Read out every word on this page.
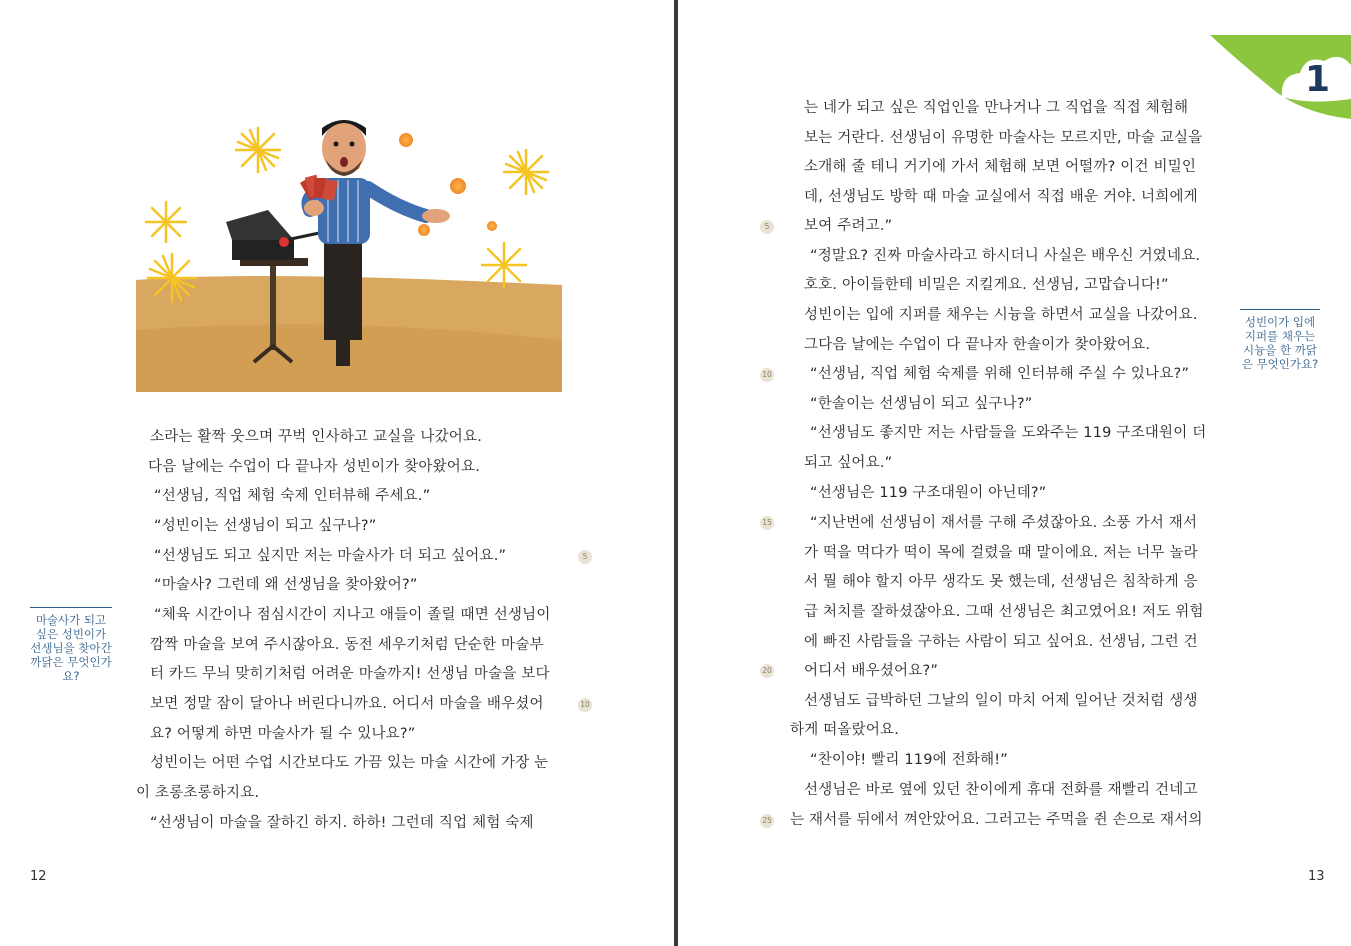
소라는 활짝 웃으며 꾸벅 인사하고 교실을 나갔어요.
다음 날에는 수업이 다 끝나자 성빈이가 찾아왔어요.
“선생님, 직업 체험 숙제 인터뷰해 주세요.”
“성빈이는 선생님이 되고 싶구나?”
“선생님도 되고 싶지만 저는 마술사가 더 되고 싶어요.”
“마술사? 그런데 왜 선생님을 찾아왔어?”
“체육 시간이나 점심시간이 지나고 애들이 졸릴 때면 선생님이
깜짝 마술을 보여 주시잖아요. 동전 세우기처럼 단순한 마술부
터 카드 무늬 맞히기처럼 어려운 마술까지! 선생님 마술을 보다
보면 정말 잠이 달아나 버린다니까요. 어디서 마술을 배우셨어
요? 어떻게 하면 마술사가 될 수 있나요?”
성빈이는 어떤 수업 시간보다도 가끔 있는 마술 시간에 가장 눈
이 초롱초롱하지요.
“선생님이 마술을 잘하긴 하지. 하하! 그런데 직업 체험 숙제
5
10
마술사가 되고 싶은 성빈이가 선생님을 찾아간 까닭은 무엇인가요?
12
는 네가 되고 싶은 직업인을 만나거나 그 직업을 직접 체험해
보는 거란다. 선생님이 유명한 마술사는 모르지만, 마술 교실을
소개해 줄 테니 거기에 가서 체험해 보면 어떨까? 이건 비밀인
데, 선생님도 방학 때 마술 교실에서 직접 배운 거야. 너희에게
보여 주려고.”
“정말요? 진짜 마술사라고 하시더니 사실은 배우신 거였네요.
호호. 아이들한테 비밀은 지킬게요. 선생님, 고맙습니다!”
성빈이는 입에 지퍼를 채우는 시늉을 하면서 교실을 나갔어요.
그다음 날에는 수업이 다 끝나자 한솔이가 찾아왔어요.
“선생님, 직업 체험 숙제를 위해 인터뷰해 주실 수 있나요?”
“한솔이는 선생님이 되고 싶구나?”
“선생님도 좋지만 저는 사람들을 도와주는 119 구조대원이 더
되고 싶어요.”
“선생님은 119 구조대원이 아닌데?”
“지난번에 선생님이 재서를 구해 주셨잖아요. 소풍 가서 재서
가 떡을 먹다가 떡이 목에 걸렸을 때 말이에요. 저는 너무 놀라
서 뭘 해야 할지 아무 생각도 못 했는데, 선생님은 침착하게 응
급 처치를 잘하셨잖아요. 그때 선생님은 최고였어요! 저도 위험
에 빠진 사람들을 구하는 사람이 되고 싶어요. 선생님, 그런 건
어디서 배우셨어요?”
선생님도 급박하던 그날의 일이 마치 어제 일어난 것처럼 생생
하게 떠올랐어요.
“찬이야! 빨리 119에 전화해!”
선생님은 바로 옆에 있던 찬이에게 휴대 전화를 재빨리 건네고
는 재서를 뒤에서 껴안았어요. 그러고는 주먹을 쥔 손으로 재서의
5
10
15
20
25
성빈이가 입에 지퍼를 채우는 시늉을 한 까닭은 무엇인가요?
13
1
